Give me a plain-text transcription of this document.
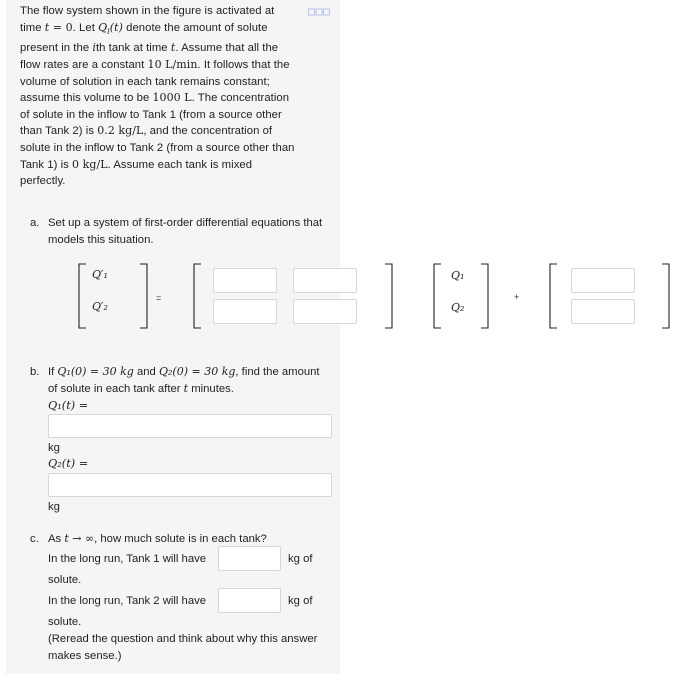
The flow system shown in the figure is activated at time t = 0. Let $Q_i(t)$ denote the amount of solute present in the ith tank at time t. Assume that all the flow rates are a constant 10 L/min. It follows that the volume of solution in each tank remains constant; assume this volume to be 1000 L. The concentration of solute in the inflow to Tank 1 (from a source other than Tank 2) is 0.2 kg/L, and the concentration of solute in the inflow to Tank 2 (from a source other than Tank 1) is 0 kg/L. Assume each tank is mixed perfectly.
a. Set up a system of first-order differential equations that models this situation.
Q′₁
Q′₂
=
Q₁
Q₂
+
b. If Q₁(0) = 30 kg and Q₂(0) = 30 kg, find the amount of solute in each tank after t minutes.
Q₁(t) =
kg
Q₂(t) =
kg
c. As t → ∞, how much solute is in each tank?
In the long run, Tank 1 will have	kg of
solute.
In the long run, Tank 2 will have	kg of
solute.
(Reread the question and think about why this answer makes sense.)
